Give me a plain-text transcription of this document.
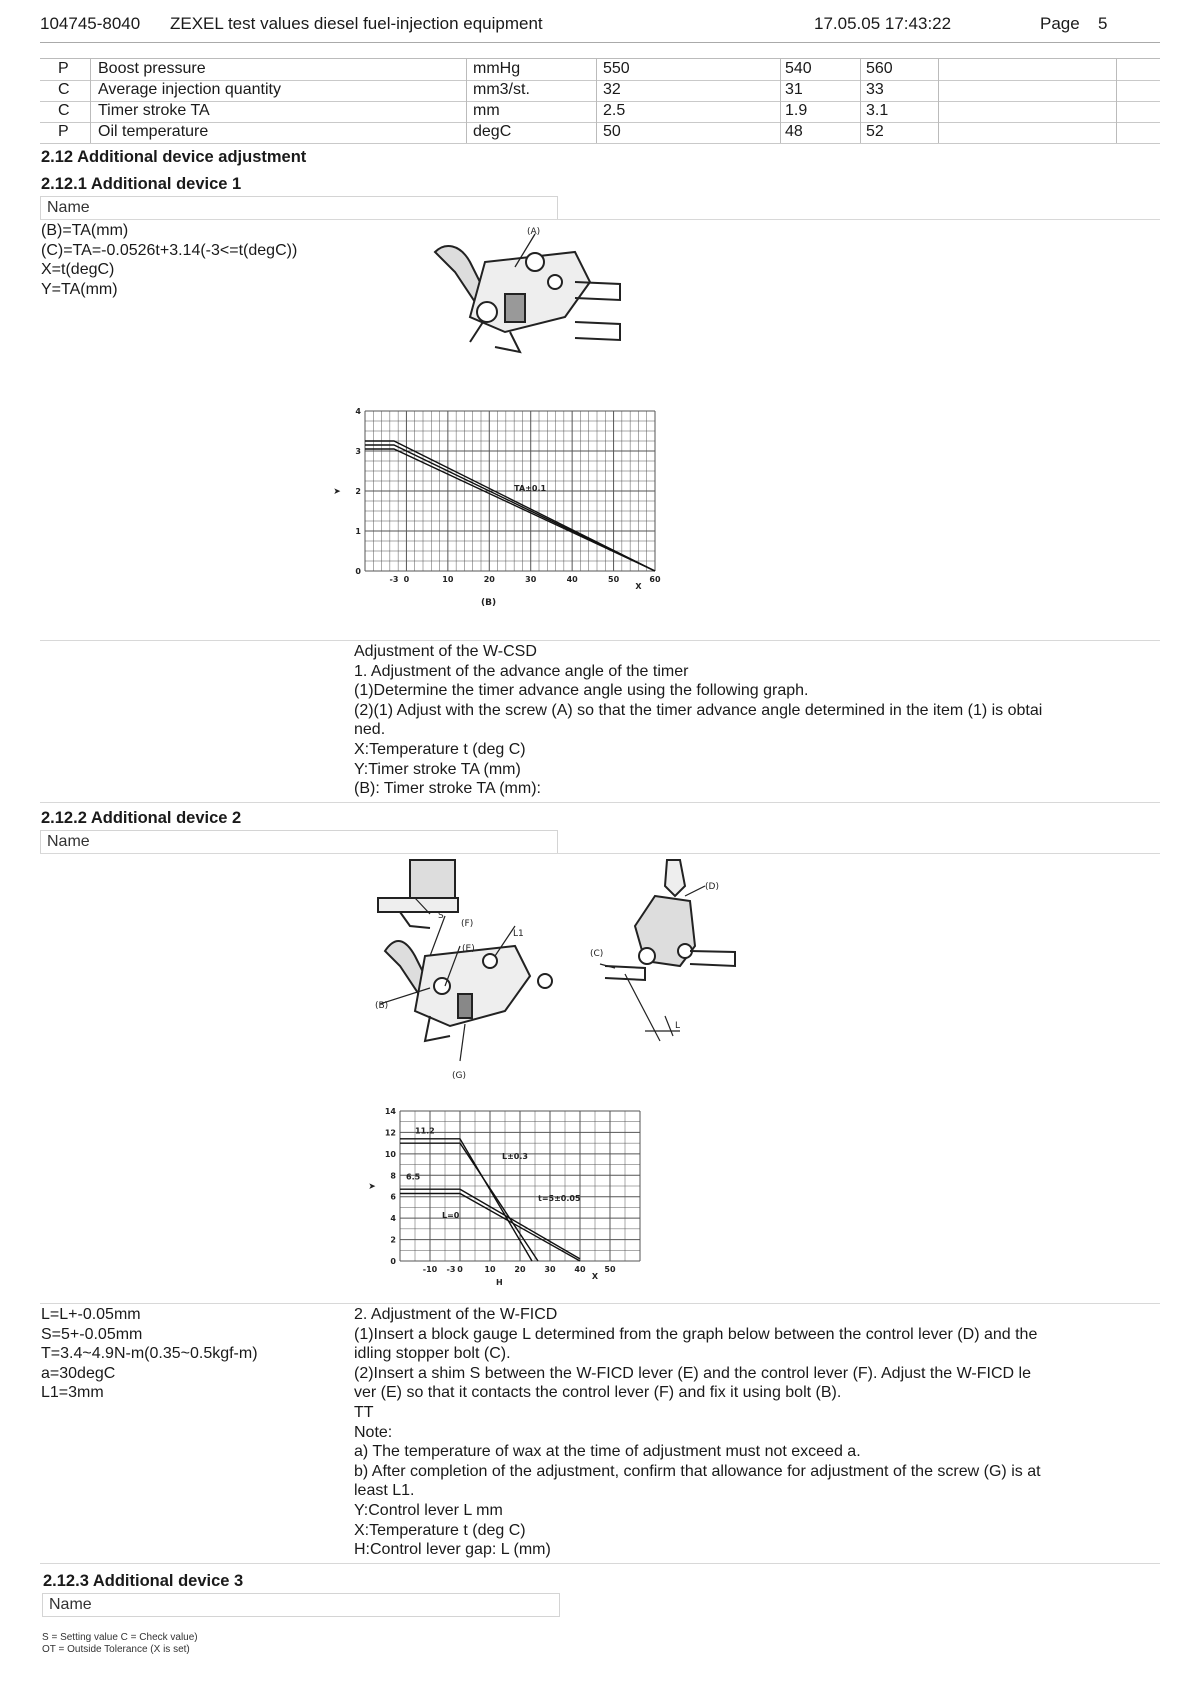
104745-8040 ZEXEL test values diesel fuel-injection equipment	17.05.05 17:43:22	Page 5
P Boost pressure	mmHg	550	540	560
C Average injection quantity	mm3/st.	32	31	33
C Timer stroke TA	mm	2.5	1.9	3.1
P Oil temperature	degC	50	48	52
2.12 Additional device adjustment
2.12.1 Additional device 1
Name
(B)=TA(mm)
(C)=TA=-0.0526t+3.14(-3<=t(degC))
X=t(degC)
Y=TA(mm)
(A)
-3 0	10	20	30	40	50	60
0
1
2
3
4
X
➤	TA±0.1
(B)
Adjustment of the W-CSD
1. Adjustment of the advance angle of the timer
(1)Determine the timer advance angle using the following graph.
(2)(1) Adjust with the screw (A) so that the timer advance angle determined in the item (1) is obtai
ned.
X:Temperature t (deg C)
Y:Timer stroke TA (mm)
(B): Timer stroke TA (mm):
2.12.2 Additional device 2
Name
S
(F)
(E)
(B)
(G)
L1
(D)
(C)
L
-10 -3 0	10 20 30 40 50
0
2
4
6
8
10
12
14
X
➤
11.2
L±0.3
6.5
L=0
t=5±0.05
H
L=L+-0.05mm
S=5+-0.05mm
T=3.4~4.9N-m(0.35~0.5kgf-m)
a=30degC
L1=3mm
2. Adjustment of the W-FICD
(1)Insert a block gauge L determined from the graph below between the control lever (D) and the
idling stopper bolt (C).
(2)Insert a shim S between the W-FICD lever (E) and the control lever (F). Adjust the W-FICD le
ver (E) so that it contacts the control lever (F) and fix it using bolt (B).
TT
Note:
a) The temperature of wax at the time of adjustment must not exceed a.
b) After completion of the adjustment, confirm that allowance for adjustment of the screw (G) is at
least L1.
Y:Control lever L mm
X:Temperature t (deg C)
H:Control lever gap: L (mm)
2.12.3 Additional device 3
Name
S = Setting value C = Check value)
OT = Outside Tolerance (X is set)
